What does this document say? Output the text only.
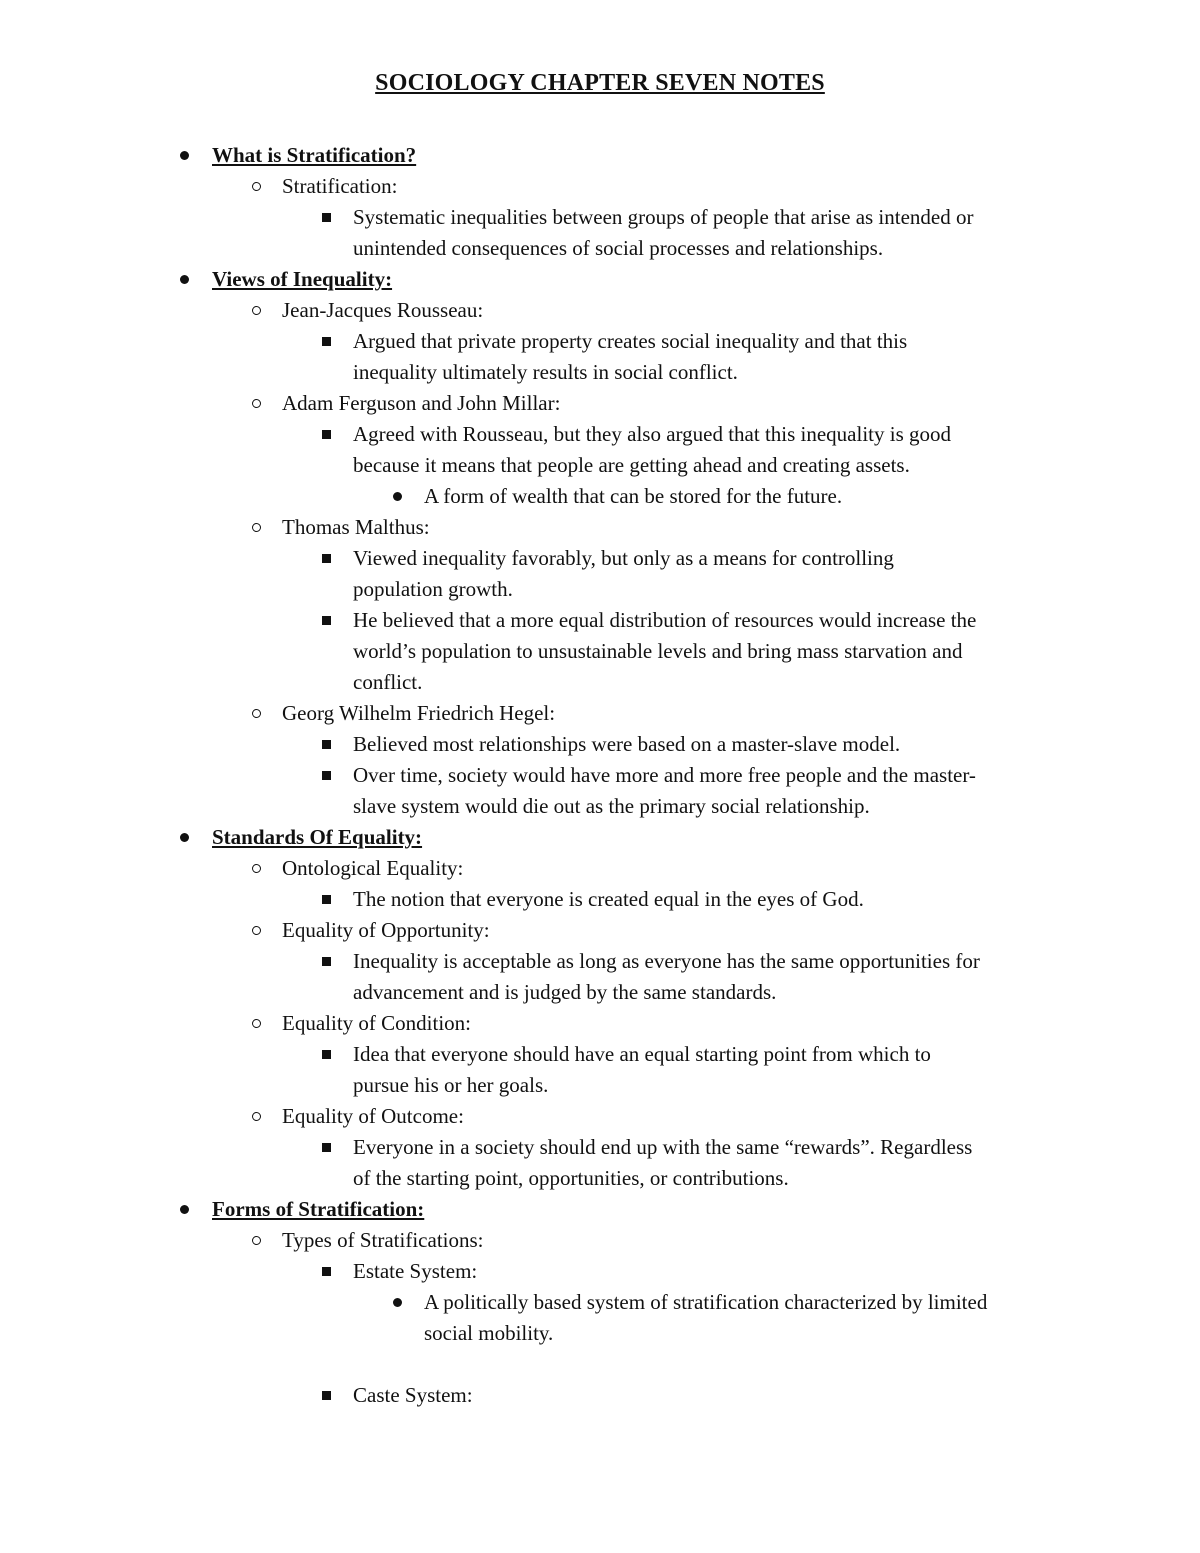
SOCIOLOGY CHAPTER SEVEN NOTES
What is Stratification?
Stratification:
Systematic inequalities between groups of people that arise as intended or
unintended consequences of social processes and relationships.
Views of Inequality:
Jean-Jacques Rousseau:
Argued that private property creates social inequality and that this
inequality ultimately results in social conflict.
Adam Ferguson and John Millar:
Agreed with Rousseau, but they also argued that this inequality is good
because it means that people are getting ahead and creating assets.
A form of wealth that can be stored for the future.
Thomas Malthus:
Viewed inequality favorably, but only as a means for controlling
population growth.
He believed that a more equal distribution of resources would increase the
world’s population to unsustainable levels and bring mass starvation and
conflict.
Georg Wilhelm Friedrich Hegel:
Believed most relationships were based on a master-slave model.
Over time, society would have more and more free people and the master-
slave system would die out as the primary social relationship.
Standards Of Equality:
Ontological Equality:
The notion that everyone is created equal in the eyes of God.
Equality of Opportunity:
Inequality is acceptable as long as everyone has the same opportunities for
advancement and is judged by the same standards.
Equality of Condition:
Idea that everyone should have an equal starting point from which to
pursue his or her goals.
Equality of Outcome:
Everyone in a society should end up with the same “rewards”. Regardless
of the starting point, opportunities, or contributions.
Forms of Stratification:
Types of Stratifications:
Estate System:
A politically based system of stratification characterized by limited
social mobility.
Caste System:
